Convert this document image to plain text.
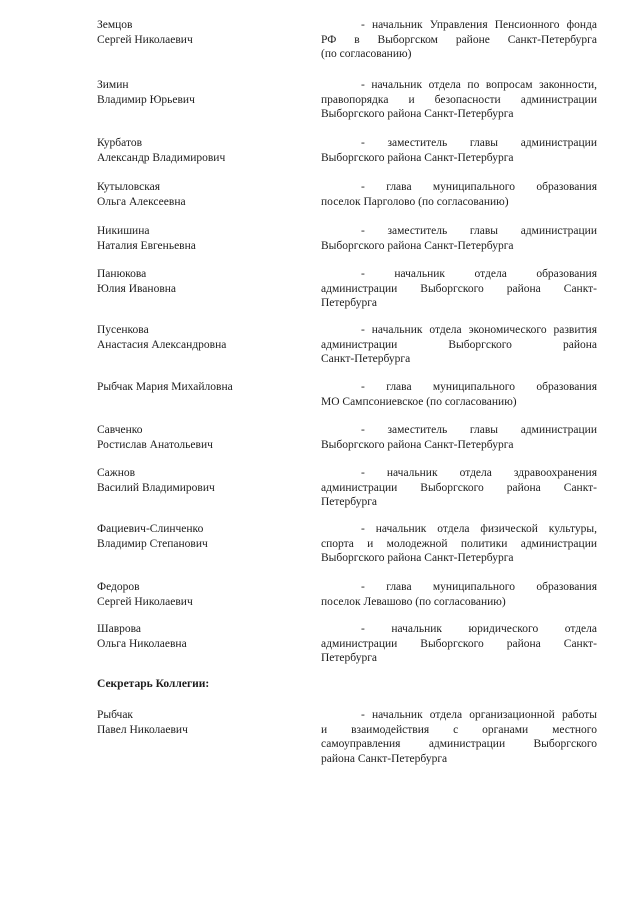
Земцов
Сергей Николаевич
- начальник Управления Пенсионного фонда
РФ в Выборгском районе Санкт-Петербурга
(по согласованию)
Зимин
Владимир Юрьевич
- начальник отдела по вопросам законности,
правопорядка и безопасности администрации
Выборгского района Санкт-Петербурга
Курбатов
Александр Владимирович
- заместитель главы администрации
Выборгского района Санкт-Петербурга
Кутыловская
Ольга Алексеевна
- глава муниципального образования
поселок Парголово (по согласованию)
Никишина
Наталия Евгеньевна
- заместитель главы администрации
Выборгского района Санкт-Петербурга
Панюкова
Юлия Ивановна
- начальник отдела образования
администрации Выборгского района Санкт-
Петербурга
Пусенкова
Анастасия Александровна
- начальник отдела экономического развития
администрации Выборгского района
Санкт-Петербурга
Рыбчак Мария Михайловна	- глава муниципального образования
МО Сампсониевское (по согласованию)
Савченко
Ростислав Анатольевич
- заместитель главы администрации
Выборгского района Санкт-Петербурга
Сажнов
Василий Владимирович
- начальник отдела здравоохранения
администрации Выборгского района Санкт-
Петербурга
Фациевич-Слинченко
Владимир Степанович
- начальник отдела физической культуры,
спорта и молодежной политики администрации
Выборгского района Санкт-Петербурга
Федоров
Сергей Николаевич
- глава муниципального образования
поселок Левашово (по согласованию)
Шаврова
Ольга Николаевна
- начальник юридического отдела
администрации Выборгского района Санкт-
Петербурга
Секретарь Коллегии:
Рыбчак
Павел Николаевич
- начальник отдела организационной работы
и взаимодействия с органами местного
самоуправления администрации Выборгского
района Санкт-Петербурга
